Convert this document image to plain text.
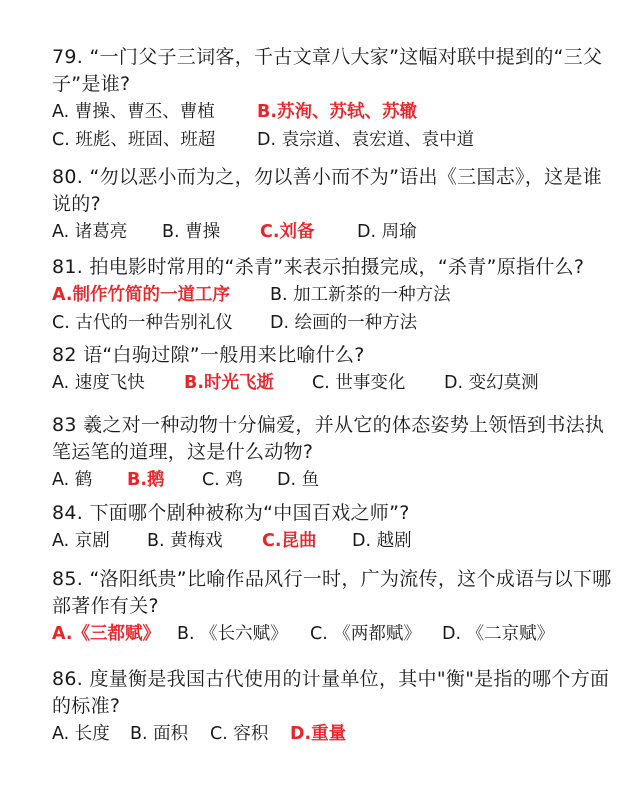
79. “一门父子三词客，千古文章八大家”这幅对联中提到的“三父子”是谁?

A. 曹操、曹丕、曹植 B.苏洵、苏轼、苏辙
C. 班彪、班固、班超 D. 袁宗道、袁宏道、袁中道

80. “勿以恶小而为之，勿以善小而不为”语出《三国志》，这是谁说的?

A. 诸葛亮 B. 曹操 C.刘备 D. 周瑜

81. 拍电影时常用的“杀青”来表示拍摄完成，“杀青”原指什么?

A.制作竹简的一道工序 B. 加工新茶的一种方法
C. 古代的一种告别礼仪 D. 绘画的一种方法

82 语“白驹过隙”一般用来比喻什么?

A. 速度飞快 B.时光飞逝 C. 世事变化 D. 变幻莫测

83 羲之对一种动物十分偏爱，并从它的体态姿势上领悟到书法执笔运笔的道理，这是什么动物?

A. 鹤 B.鹅 C. 鸡 D. 鱼

84. 下面哪个剧种被称为“中国百戏之师”?

A. 京剧 B. 黄梅戏 C.昆曲 D. 越剧

85. “洛阳纸贵”比喻作品风行一时，广为流传，这个成语与以下哪部著作有关?

A.《三都赋》 B. 《长六赋》 C. 《两都赋》 D. 《二京赋》

86. 度量衡是我国古代使用的计量单位，其中"衡"是指的哪个方面的标准?

A. 长度 B. 面积 C. 容积 D.重量
